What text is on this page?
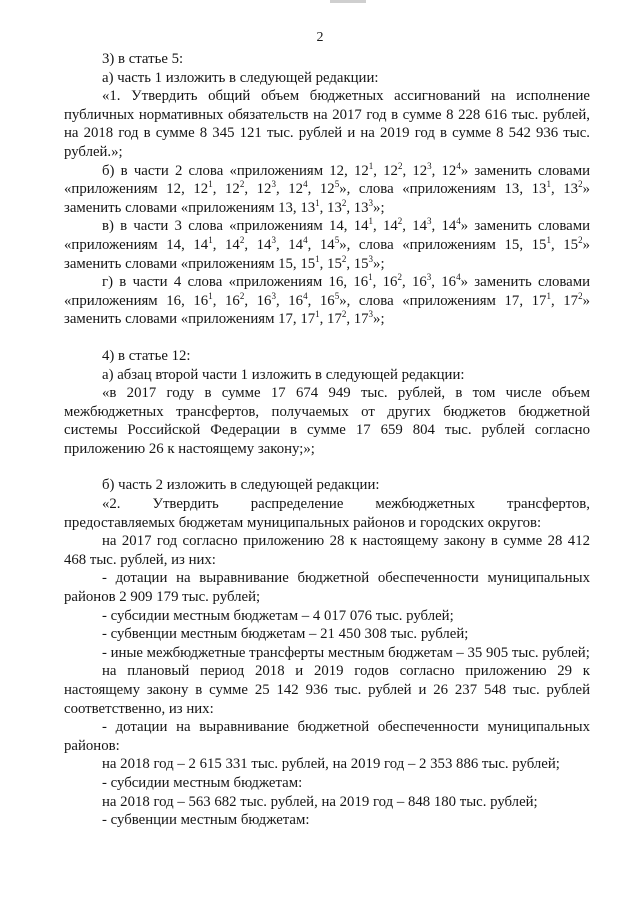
2

3) в статье 5:

а) часть 1 изложить в следующей редакции:

«1. Утвердить общий объем бюджетных ассигнований на исполнение публичных нормативных обязательств на 2017 год в сумме 8 228 616 тыс. рублей, на 2018 год в сумме 8 345 121 тыс. рублей и на 2019 год в сумме 8 542 936 тыс. рублей.»;

б) в части 2 слова «приложениям 12, $12^1$, $12^2$, $12^3$, $12^4$» заменить словами «приложениям 12, $12^1$, $12^2$, $12^3$, $12^4$, $12^5$», слова «приложениям 13, $13^1$, $13^2$» заменить словами «приложениям 13, $13^1$, $13^2$, $13^3$»;

в) в части 3 слова «приложениям 14, $14^1$, $14^2$, $14^3$, $14^4$» заменить словами «приложениям 14, $14^1$, $14^2$, $14^3$, $14^4$, $14^5$», слова «приложениям 15, $15^1$, $15^2$» заменить словами «приложениям 15, $15^1$, $15^2$, $15^3$»;

г) в части 4 слова «приложениям 16, $16^1$, $16^2$, $16^3$, $16^4$» заменить словами «приложениям 16, $16^1$, $16^2$, $16^3$, $16^4$, $16^5$», слова «приложениям 17, $17^1$, $17^2$» заменить словами «приложениям 17, $17^1$, $17^2$, $17^3$»;

4) в статье 12:

а) абзац второй части 1 изложить в следующей редакции:

«в 2017 году в сумме 17 674 949 тыс. рублей, в том числе объем межбюджетных трансфертов, получаемых от других бюджетов бюджетной системы Российской Федерации в сумме 17 659 804 тыс. рублей согласно приложению 26 к настоящему закону;»;

б) часть 2 изложить в следующей редакции:

«2. Утвердить распределение межбюджетных трансфертов, предоставляемых бюджетам муниципальных районов и городских округов:

на 2017 год согласно приложению 28 к настоящему закону в сумме 28 412 468 тыс. рублей, из них:

- дотации на выравнивание бюджетной обеспеченности муниципальных районов 2 909 179 тыс. рублей;

- субсидии местным бюджетам – 4 017 076 тыс. рублей;

- субвенции местным бюджетам – 21 450 308 тыс. рублей;

- иные межбюджетные трансферты местным бюджетам – 35 905 тыс. рублей;

на плановый период 2018 и 2019 годов согласно приложению 29 к настоящему закону в сумме 25 142 936 тыс. рублей и 26 237 548 тыс. рублей соответственно, из них:

- дотации на выравнивание бюджетной обеспеченности муниципальных районов:

на 2018 год – 2 615 331 тыс. рублей, на 2019 год – 2 353 886 тыс. рублей;

- субсидии местным бюджетам:

на 2018 год – 563 682 тыс. рублей, на 2019 год – 848 180 тыс. рублей;

- субвенции местным бюджетам:
